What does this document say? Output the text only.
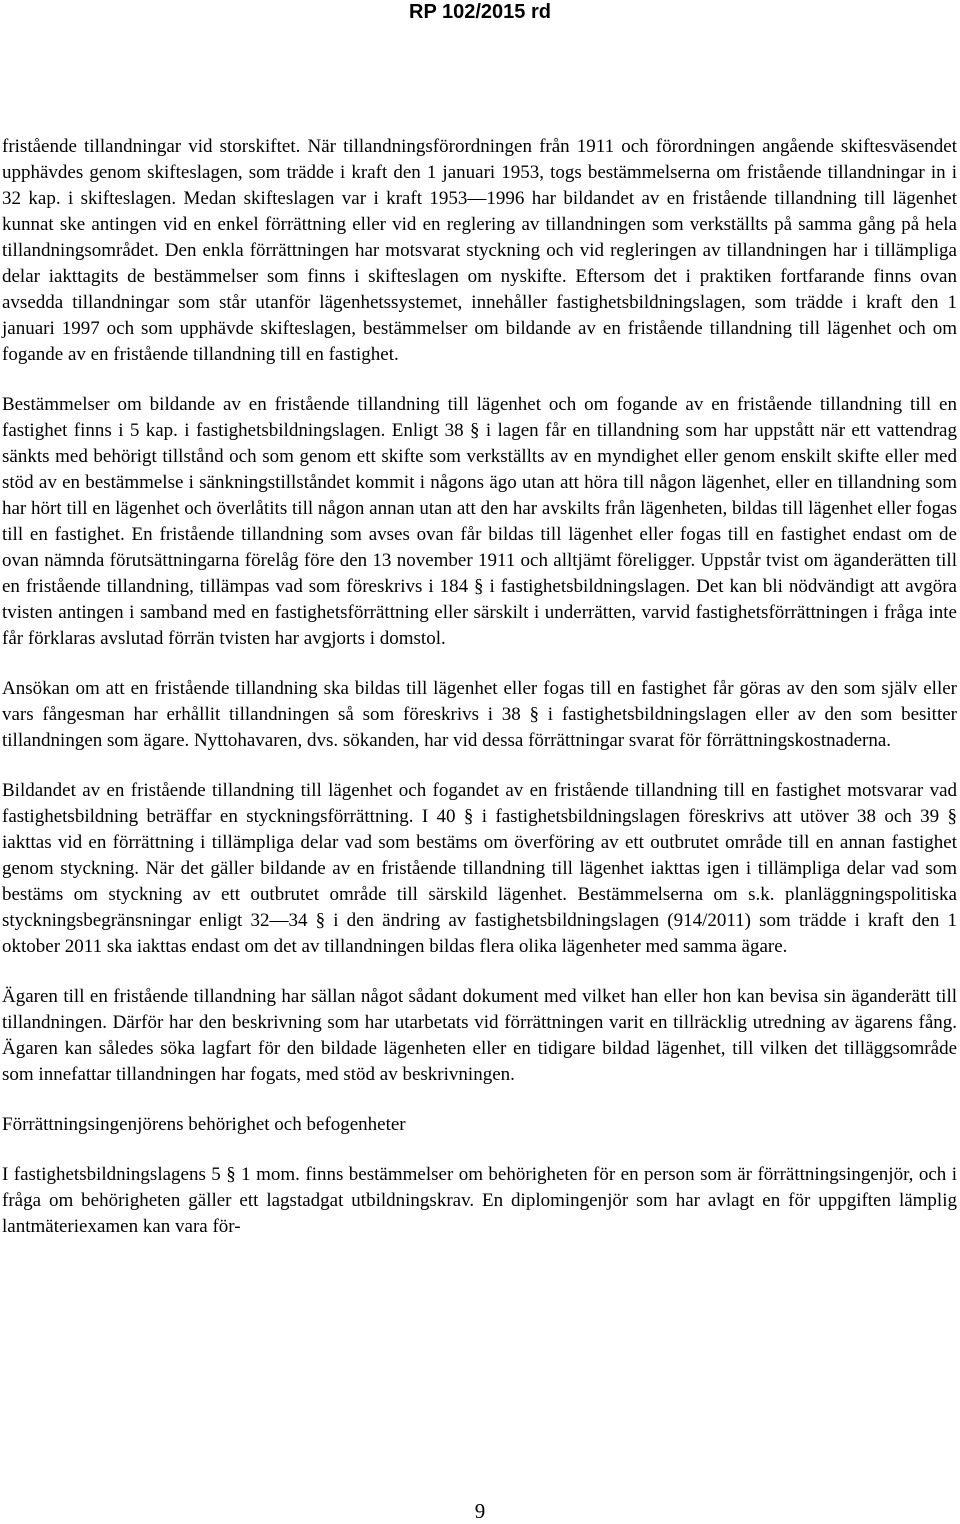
RP 102/2015 rd

fristående tillandningar vid storskiftet. När tillandningsförordningen från 1911 och förordningen angående skiftesväsendet upphävdes genom skifteslagen, som trädde i kraft den 1 januari 1953, togs bestämmelserna om fristående tillandningar in i 32 kap. i skifteslagen. Medan skifteslagen var i kraft 1953—1996 har bildandet av en fristående tillandning till lägenhet kunnat ske antingen vid en enkel förrättning eller vid en reglering av tillandningen som verkställts på samma gång på hela tillandningsområdet. Den enkla förrättningen har motsvarat styckning och vid regleringen av tillandningen har i tillämpliga delar iakttagits de bestämmelser som finns i skifteslagen om nyskifte. Eftersom det i praktiken fortfarande finns ovan avsedda tillandningar som står utanför lägenhetssystemet, innehåller fastighetsbildningslagen, som trädde i kraft den 1 januari 1997 och som upphävde skifteslagen, bestämmelser om bildande av en fristående tillandning till lägenhet och om fogande av en fristående tillandning till en fastighet.

Bestämmelser om bildande av en fristående tillandning till lägenhet och om fogande av en fristående tillandning till en fastighet finns i 5 kap. i fastighetsbildningslagen. Enligt 38 § i lagen får en tillandning som har uppstått när ett vattendrag sänkts med behörigt tillstånd och som genom ett skifte som verkställts av en myndighet eller genom enskilt skifte eller med stöd av en bestämmelse i sänkningstillståndet kommit i någons ägo utan att höra till någon lägenhet, eller en tillandning som har hört till en lägenhet och överlåtits till någon annan utan att den har avskilts från lägenheten, bildas till lägenhet eller fogas till en fastighet. En fristående tillandning som avses ovan får bildas till lägenhet eller fogas till en fastighet endast om de ovan nämnda förutsättningarna förelåg före den 13 november 1911 och alltjämt föreligger. Uppstår tvist om äganderätten till en fristående tillandning, tillämpas vad som föreskrivs i 184 § i fastighetsbildningslagen. Det kan bli nödvändigt att avgöra tvisten antingen i samband med en fastighetsförrättning eller särskilt i underrätten, varvid fastighetsförrättningen i fråga inte får förklaras avslutad förrän tvisten har avgjorts i domstol.

Ansökan om att en fristående tillandning ska bildas till lägenhet eller fogas till en fastighet får göras av den som själv eller vars fångesman har erhållit tillandningen så som föreskrivs i 38 § i fastighetsbildningslagen eller av den som besitter tillandningen som ägare. Nyttohavaren, dvs. sökanden, har vid dessa förrättningar svarat för förrättningskostnaderna.

Bildandet av en fristående tillandning till lägenhet och fogandet av en fristående tillandning till en fastighet motsvarar vad fastighetsbildning beträffar en styckningsförrättning. I 40 § i fastighetsbildningslagen föreskrivs att utöver 38 och 39 § iakttas vid en förrättning i tillämpliga delar vad som bestäms om överföring av ett outbrutet område till en annan fastighet genom styckning. När det gäller bildande av en fristående tillandning till lägenhet iakttas igen i tillämpliga delar vad som bestäms om styckning av ett outbrutet område till särskild lägenhet. Bestämmelserna om s.k. planläggningspolitiska styckningsbegränsningar enligt 32—34 § i den ändring av fastighetsbildningslagen (914/2011) som trädde i kraft den 1 oktober 2011 ska iakttas endast om det av tillandningen bildas flera olika lägenheter med samma ägare.

Ägaren till en fristående tillandning har sällan något sådant dokument med vilket han eller hon kan bevisa sin äganderätt till tillandningen. Därför har den beskrivning som har utarbetats vid förrättningen varit en tillräcklig utredning av ägarens fång. Ägaren kan således söka lagfart för den bildade lägenheten eller en tidigare bildad lägenhet, till vilken det tilläggsområde som innefattar tillandningen har fogats, med stöd av beskrivningen.

Förrättningsingenjörens behörighet och befogenheter

I fastighetsbildningslagens 5 § 1 mom. finns bestämmelser om behörigheten för en person som är förrättningsingenjör, och i fråga om behörigheten gäller ett lagstadgat utbildningskrav. En diplomingenjör som har avlagt en för uppgiften lämplig lantmäteriexamen kan vara för-

9
